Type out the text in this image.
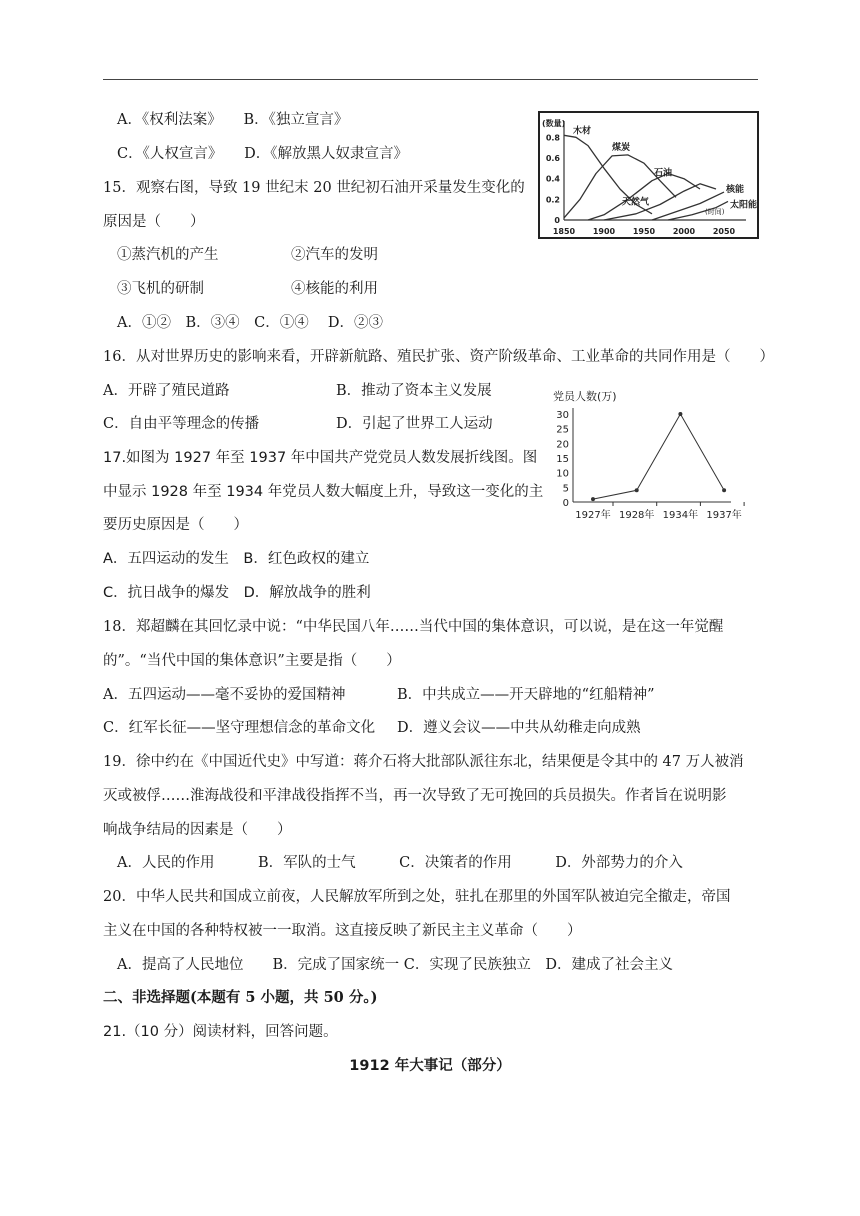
A．《权利法案》　　B．《独立宣言》
C．《人权宣言》　　D．《解放黑人奴隶宣言》
(数量)
(时间)
0
0.2
0.4
0.6
0.8
1850 1900 1950 2000 2050
木材
煤炭
石油
天然气
核能
太阳能
15．观察右图，导致 19 世纪末 20 世纪初石油开采量发生变化的
原因是（　　）
①蒸汽机的产生　　　　　②汽车的发明
③飞机的研制　　　　　　④核能的利用
A．①②　B．③④　C．①④　 D．②③
16．从对世界历史的影响来看，开辟新航路、殖民扩张、资产阶级革命、工业革命的共同作用是（　　）
A．开辟了殖民道路	B．推动了资本主义发展
C．自由平等理念的传播	D．引起了世界工人运动
党员人数(万)
0
5
10
15
20
25
30
1927年 1928年 1934年 1937年
17.如图为 1927 年至 1937 年中国共产党党员人数发展折线图。图
中显示 1928 年至 1934 年党员人数大幅度上升，导致这一变化的主
要历史原因是（　　）
A．五四运动的发生　B．红色政权的建立
C．抗日战争的爆发　D．解放战争的胜利
18．郑超麟在其回忆录中说：“中华民国八年……当代中国的集体意识，可以说，是在这一年觉醒
的”。“当代中国的集体意识”主要是指（　　）
A．五四运动——毫不妥协的爱国精神	B．中共成立——开天辟地的“红船精神”
C．红军长征——坚守理想信念的革命文化 D．遵义会议——中共从幼稚走向成熟
19．徐中约在《中国近代史》中写道：蒋介石将大批部队派往东北，结果便是令其中的 47 万人被消
灭或被俘……淮海战役和平津战役指挥不当，再一次导致了无可挽回的兵员损失。作者旨在说明影
响战争结局的因素是（　　）
A．人民的作用　　　B．军队的士气　　　C．决策者的作用　　　D．外部势力的介入
20．中华人民共和国成立前夜，人民解放军所到之处，驻扎在那里的外国军队被迫完全撤走，帝国
主义在中国的各种特权被一一取消。这直接反映了新民主主义革命（　　）
A．提高了人民地位　　B．完成了国家统一 C．实现了民族独立　D．建成了社会主义
二、非选择题(本题有 5 小题，共 50 分。)
21.（10 分）阅读材料，回答问题。
1912 年大事记（部分）
